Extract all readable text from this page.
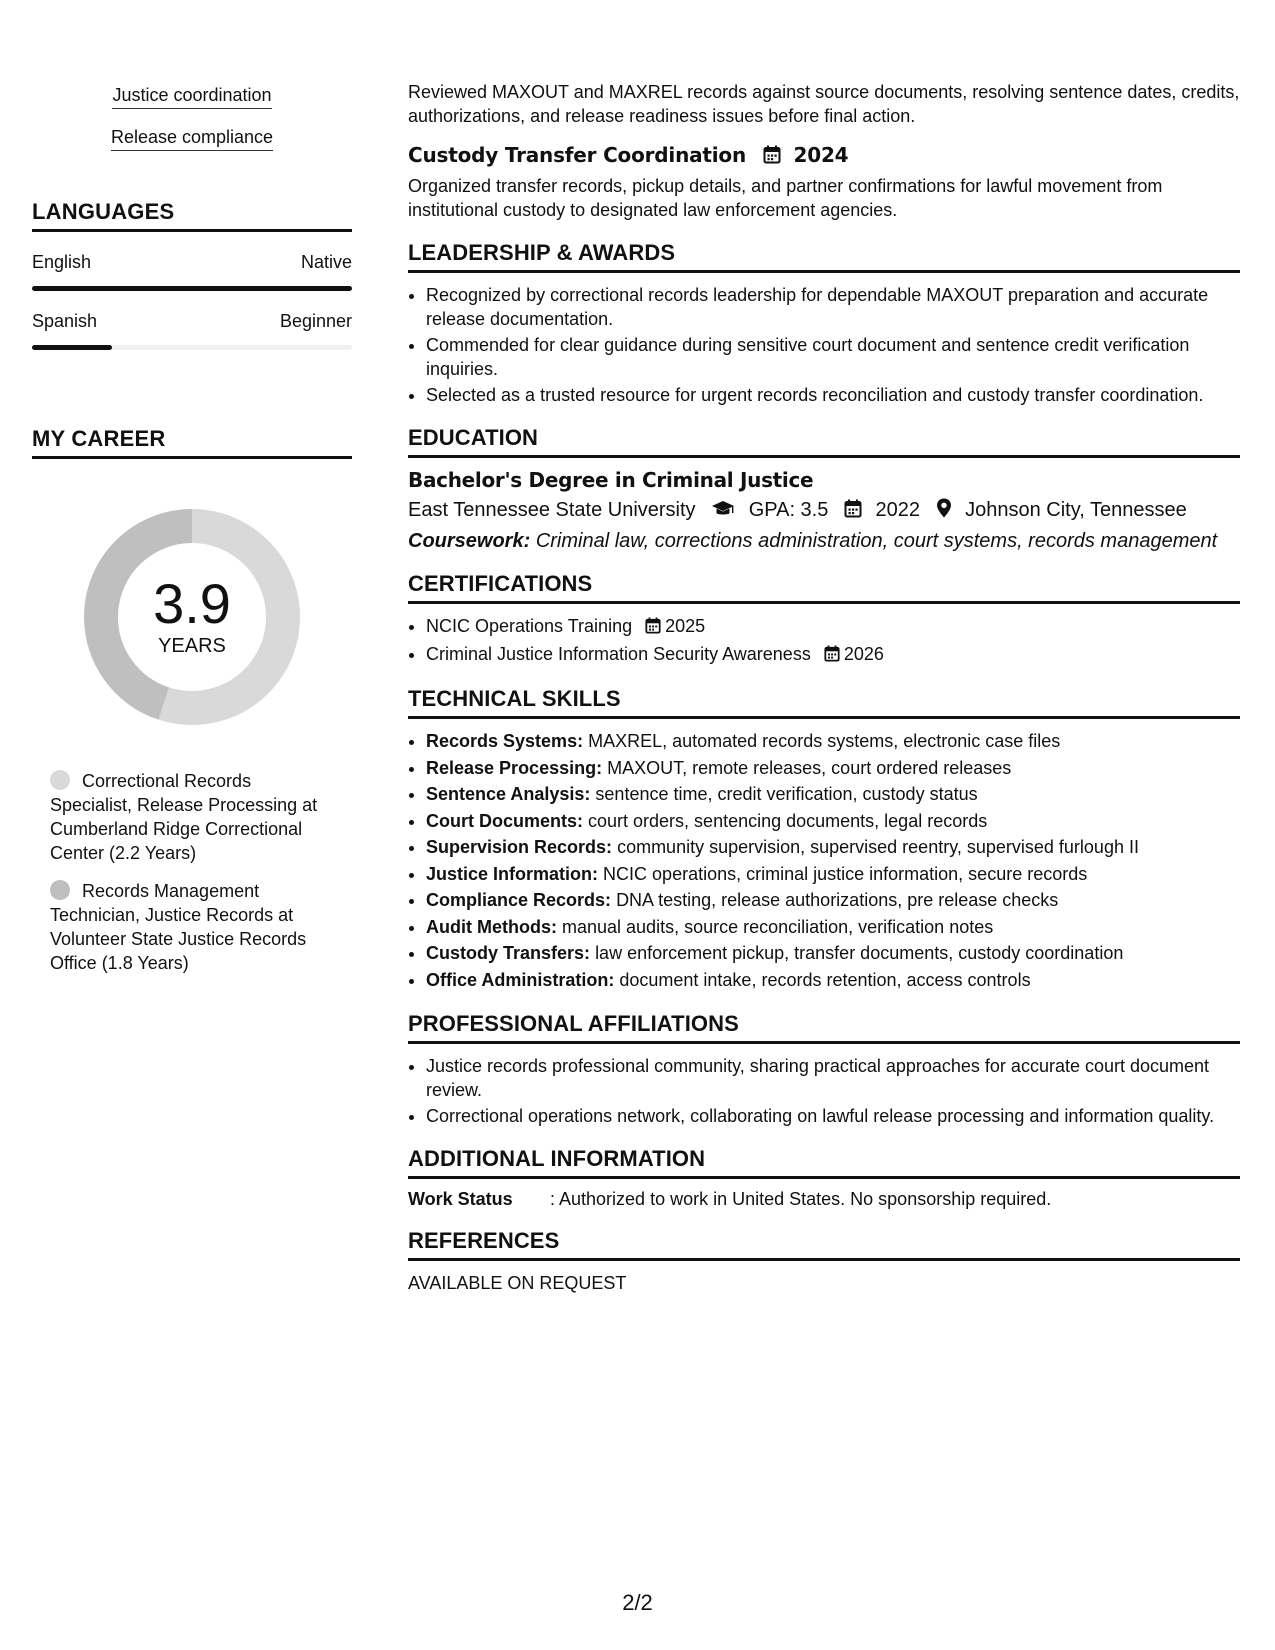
Justice coordination
Release compliance
LANGUAGES
English	Native
Spanish	Beginner
MY CAREER
3.9
YEARS
Correctional Records Specialist, Release Processing at Cumberland Ridge Correctional Center (2.2 Years)
Records Management Technician, Justice Records at Volunteer State Justice Records Office (1.8 Years)
Reviewed MAXOUT and MAXREL records against source documents, resolving sentence dates, credits, authorizations, and release readiness issues before final action.
Custody Transfer Coordination 2024
Organized transfer records, pickup details, and partner confirmations for lawful movement from institutional custody to designated law enforcement agencies.
LEADERSHIP & AWARDS
• Recognized by correctional records leadership for dependable MAXOUT preparation and accurate release documentation.
• Commended for clear guidance during sensitive court document and sentence credit verification inquiries.
• Selected as a trusted resource for urgent records reconciliation and custody transfer coordination.
EDUCATION
Bachelor's Degree in Criminal Justice
East Tennessee State University	GPA: 3.5 2022 Johnson City, Tennessee
Coursework: Criminal law, corrections administration, court systems, records management
CERTIFICATIONS
• NCIC Operations Training 2025
• Criminal Justice Information Security Awareness 2026
TECHNICAL SKILLS
• Records Systems: MAXREL, automated records systems, electronic case files
• Release Processing: MAXOUT, remote releases, court ordered releases
• Sentence Analysis: sentence time, credit verification, custody status
• Court Documents: court orders, sentencing documents, legal records
• Supervision Records: community supervision, supervised reentry, supervised furlough II
• Justice Information: NCIC operations, criminal justice information, secure records
• Compliance Records: DNA testing, release authorizations, pre release checks
• Audit Methods: manual audits, source reconciliation, verification notes
• Custody Transfers: law enforcement pickup, transfer documents, custody coordination
• Office Administration: document intake, records retention, access controls
PROFESSIONAL AFFILIATIONS
• Justice records professional community, sharing practical approaches for accurate court document review.
• Correctional operations network, collaborating on lawful release processing and information quality.
ADDITIONAL INFORMATION
Work Status	: Authorized to work in United States. No sponsorship required.
REFERENCES
AVAILABLE ON REQUEST
2/2
